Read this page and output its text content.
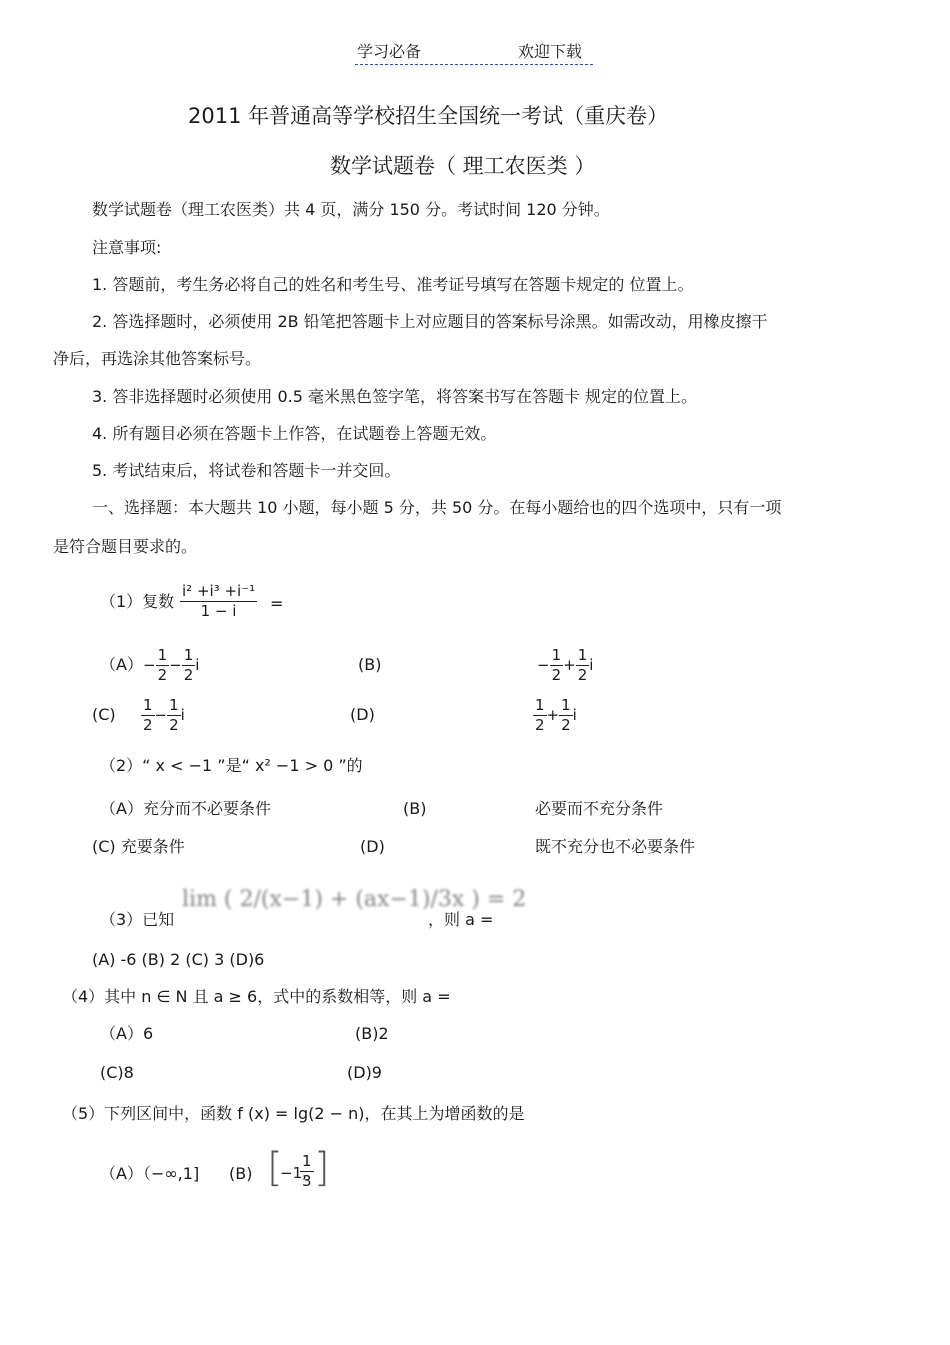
学习必备	欢迎下载
2011 年普通高等学校招生全国统一考试（重庆卷）
数学试题卷（ 理工农医类 ）
数学试题卷（理工农医类）共 4 页，满分 150 分。考试时间 120 分钟。
注意事项:
1. 答题前，考生务必将自己的姓名和考生号、准考证号填写在答题卡规定的 位置上。
2. 答选择题时，必须使用 2B 铅笔把答题卡上对应题目的答案标号涂黑。如需改动，用橡皮擦干
净后，再选涂其他答案标号。
3. 答非选择题时必须使用 0.5 毫米黑色签字笔，将答案书写在答题卡 规定的位置上。
4. 所有题目必须在答题卡上作答，在试题卷上答题无效。
5. 考试结束后，将试卷和答题卡一并交回。
一、选择题：本大题共 10 小题，每小题 5 分，共 50 分。在每小题给也的四个选项中，只有一项
是符合题目要求的。
（1）复数 $\frac{\text{i² +i³ +i⁻¹}}{1 - i}$ =
$(A) - \frac{1}{2} - \frac{1}{2}$ i	(B)	− $\frac{1}{2} + \frac{1}{2}$ i
$(C) \frac{1}{2} - \frac{1}{2}$ i	(D)	$\frac{1}{2} + \frac{1}{2}$ i
（2）“ x < −1 ”是“ x² −1 > 0 ”的
（A）充分而不必要条件	(B)	必要而不充分条件
(C) 充要条件	(D)	既不充分也不必要条件
（3）已知
lim ( 2/(x−1) + (ax−1)/3x ) = 2
，则 a =
(A) -6 (B) 2 (C) 3 (D)6
（4）其中 n ∈ N 且 a ≥ 6，式中的系数相等，则 a =
（A）6	(B)2
(C)8	(D)9
（5）下列区间中，函数 f (x) = lg(2 − n)，在其上为增函数的是
（A）（−∞,1] (B) [
−1,
$\frac{1}{3}$ ]
